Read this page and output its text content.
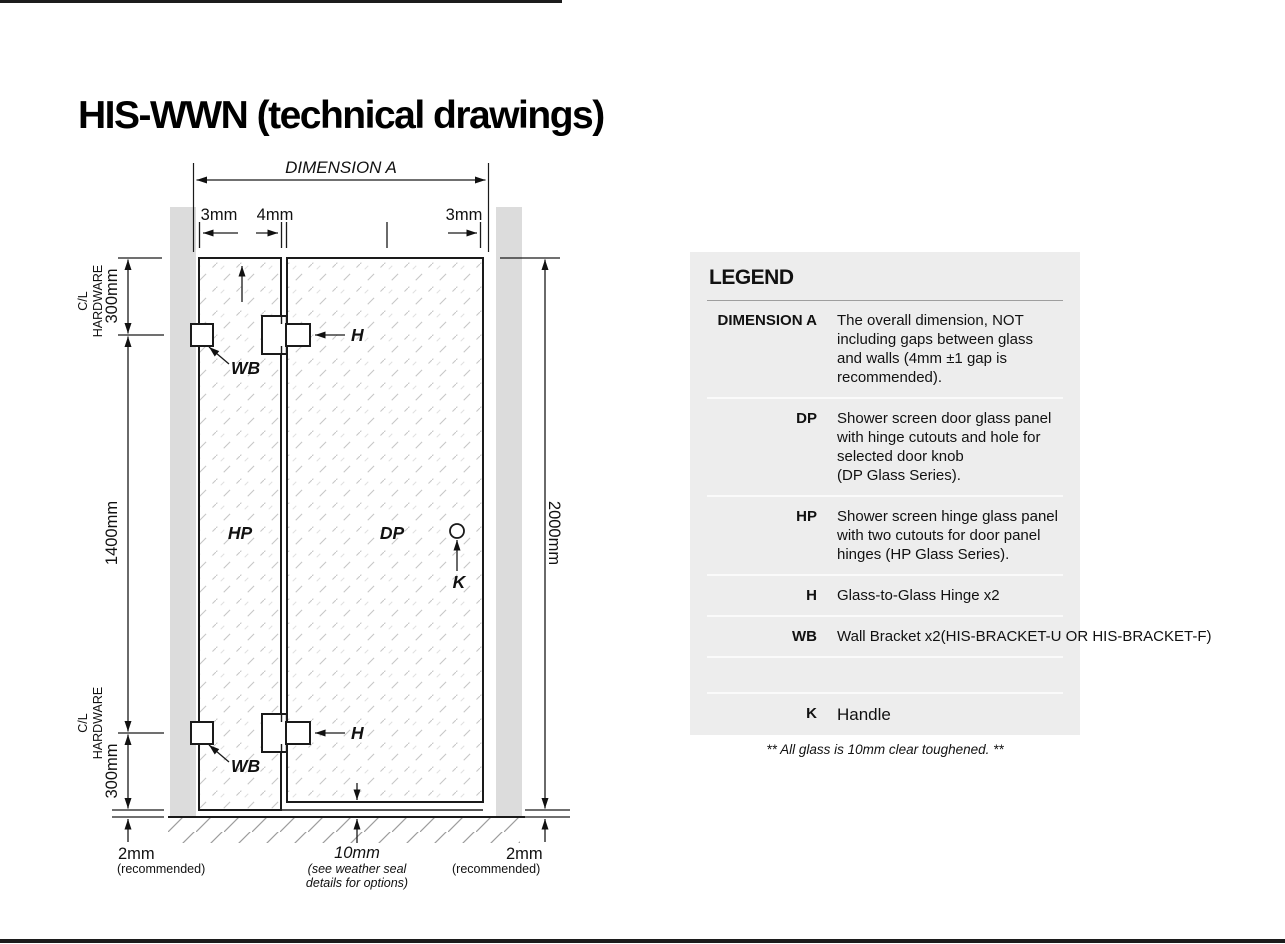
HIS-WWN (technical drawings)
DIMENSION A
3mm 4mm	3mm
300mm
1400mm
300mm
C/L HARDWARE
C/L HARDWARE
2000mm
H
H
WB
WB
HP	DP
K
2mm
(recommended)
10mm
(see weather seal
details for options)
2mm
(recommended)
LEGEND
DIMENSION A The overall dimension, NOT
including gaps between glass
and walls (4mm ±1 gap is
recommended).
DP Shower screen door glass panel
with hinge cutouts and hole for
selected door knob
(DP Glass Series).
HP Shower screen hinge glass panel
with two cutouts for door panel
hinges (HP Glass Series).
H Glass-to-Glass Hinge x2
WB Wall Bracket x2(HIS-BRACKET-U OR HIS-BRACKET-F)
K Handle
** All glass is 10mm clear toughened. **
